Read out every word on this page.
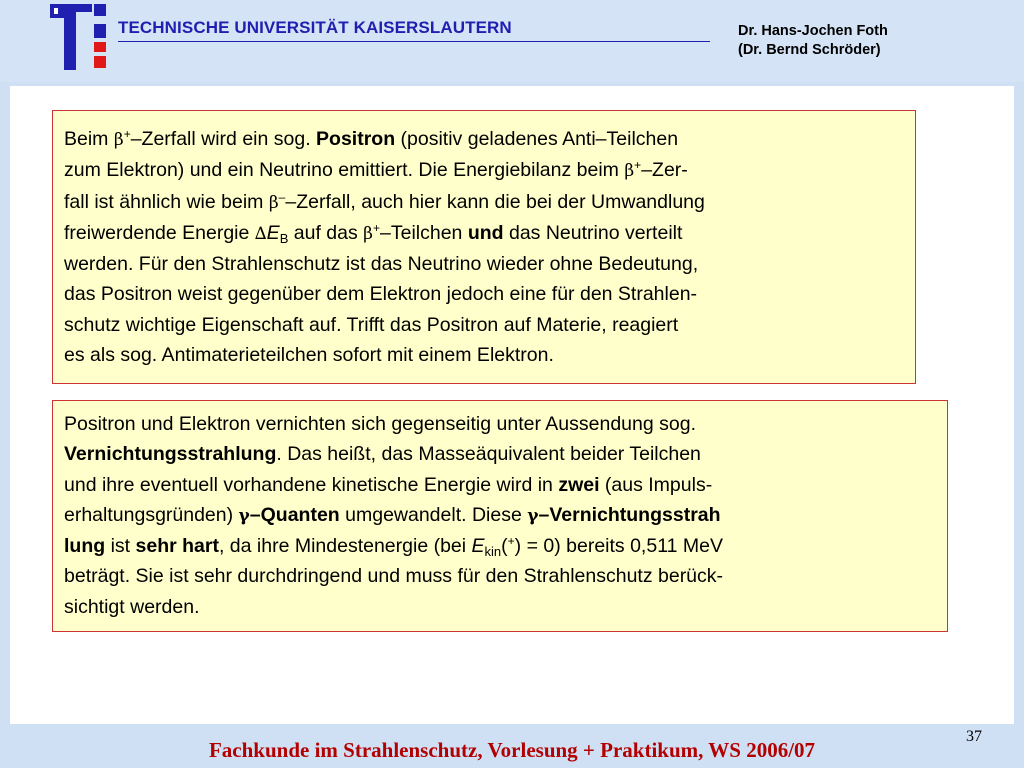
TECHNISCHE UNIVERSITÄT KAISERSLAUTERN	Dr. Hans-Jochen Foth
(Dr. Bernd Schröder)
Beim β+–Zerfall wird ein sog. Positron (positiv geladenes Anti–Teilchen
zum Elektron) und ein Neutrino emittiert. Die Energiebilanz beim β+–Zer-
fall ist ähnlich wie beim β––Zerfall, auch hier kann die bei der Umwandlung
freiwerdende Energie $\Delta E_B$ auf das β+–Teilchen und das Neutrino verteilt
werden. Für den Strahlenschutz ist das Neutrino wieder ohne Bedeutung,
das Positron weist gegenüber dem Elektron jedoch eine für den Strahlen-
schutz wichtige Eigenschaft auf. Trifft das Positron auf Materie, reagiert
es als sog. Antimaterieteilchen sofort mit einem Elektron.
Positron und Elektron vernichten sich gegenseitig unter Aussendung sog.
Vernichtungsstrahlung. Das heißt, das Masseäquivalent beider Teilchen
und ihre eventuell vorhandene kinetische Energie wird in zwei (aus Impuls-
erhaltungsgründen) γ–Quanten umgewandelt. Diese γ–Vernichtungsstrah
lung ist sehr hart, da ihre Mindestenergie (bei $E_{kin}(^+) = 0$) bereits 0,511 MeV
beträgt. Sie ist sehr durchdringend und muss für den Strahlenschutz berück-
sichtigt werden.
37
Fachkunde im Strahlenschutz, Vorlesung + Praktikum, WS 2006/07
